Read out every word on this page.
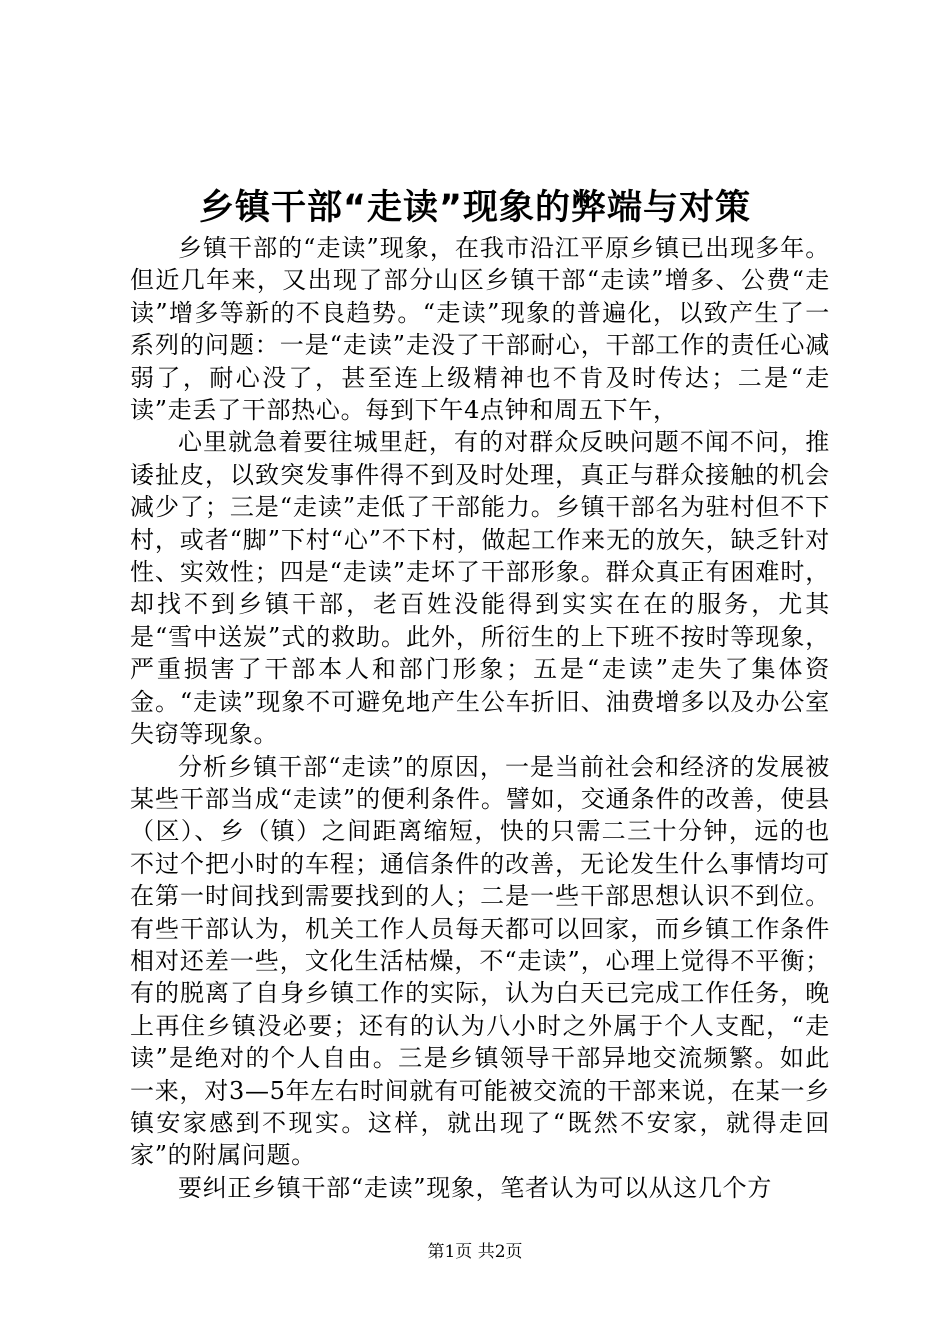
乡镇干部“走读”现象的弊端与对策

乡镇干部的“走读”现象，在我市沿江平原乡镇已出现多年。但近几年来，又出现了部分山区乡镇干部“走读”增多、公费“走读”增多等新的不良趋势。“走读”现象的普遍化，以致产生了一系列的问题：一是“走读”走没了干部耐心，干部工作的责任心减弱了，耐心没了，甚至连上级精神也不肯及时传达；二是“走读”走丢了干部热心。每到下午4点钟和周五下午，

心里就急着要往城里赶，有的对群众反映问题不闻不问，推诿扯皮，以致突发事件得不到及时处理，真正与群众接触的机会减少了；三是“走读”走低了干部能力。乡镇干部名为驻村但不下村，或者“脚”下村“心”不下村，做起工作来无的放矢，缺乏针对性、实效性；四是“走读”走坏了干部形象。群众真正有困难时，却找不到乡镇干部，老百姓没能得到实实在在的服务，尤其是“雪中送炭”式的救助。此外，所衍生的上下班不按时等现象，严重损害了干部本人和部门形象；五是“走读”走失了集体资金。“走读”现象不可避免地产生公车折旧、油费增多以及办公室失窃等现象。

分析乡镇干部“走读”的原因，一是当前社会和经济的发展被某些干部当成“走读”的便利条件。譬如，交通条件的改善，使县（区）、乡（镇）之间距离缩短，快的只需二三十分钟，远的也不过个把小时的车程；通信条件的改善，无论发生什么事情均可在第一时间找到需要找到的人；二是一些干部思想认识不到位。有些干部认为，机关工作人员每天都可以回家，而乡镇工作条件相对还差一些，文化生活枯燥，不“走读”，心理上觉得不平衡；有的脱离了自身乡镇工作的实际，认为白天已完成工作任务，晚上再住乡镇没必要；还有的认为八小时之外属于个人支配，“走读”是绝对的个人自由。三是乡镇领导干部异地交流频繁。如此一来，对3—5年左右时间就有可能被交流的干部来说，在某一乡镇安家感到不现实。这样，就出现了“既然不安家，就得走回家”的附属问题。

要纠正乡镇干部“走读”现象，笔者认为可以从这几个方

第1页 共2页
